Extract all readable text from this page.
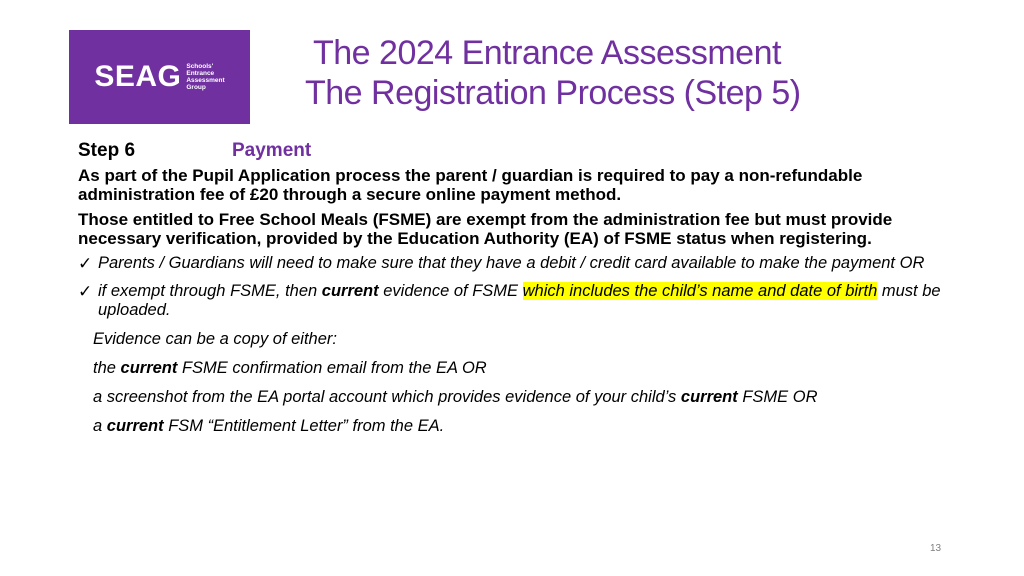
SEAG Schools'
Entrance
Assessment
Group
The 2024 Entrance Assessment
The Registration Process (Step 5)
Step 6	Payment

As part of the Pupil Application process the parent / guardian is required to pay a non-refundable administration fee of £20 through a secure online payment method.

Those entitled to Free School Meals (FSME) are exempt from the administration fee but must provide necessary verification, provided by the Education Authority (EA) of FSME status when registering.

✓ Parents / Guardians will need to make sure that they have a debit / credit card available to make the payment OR
✓ if exempt through FSME, then current evidence of FSME which includes the child’s name and date of birth must be uploaded.
Evidence can be a copy of either:
the current FSME confirmation email from the EA OR
a screenshot from the EA portal account which provides evidence of your child’s current FSME OR
a current FSM “Entitlement Letter” from the EA.
13
